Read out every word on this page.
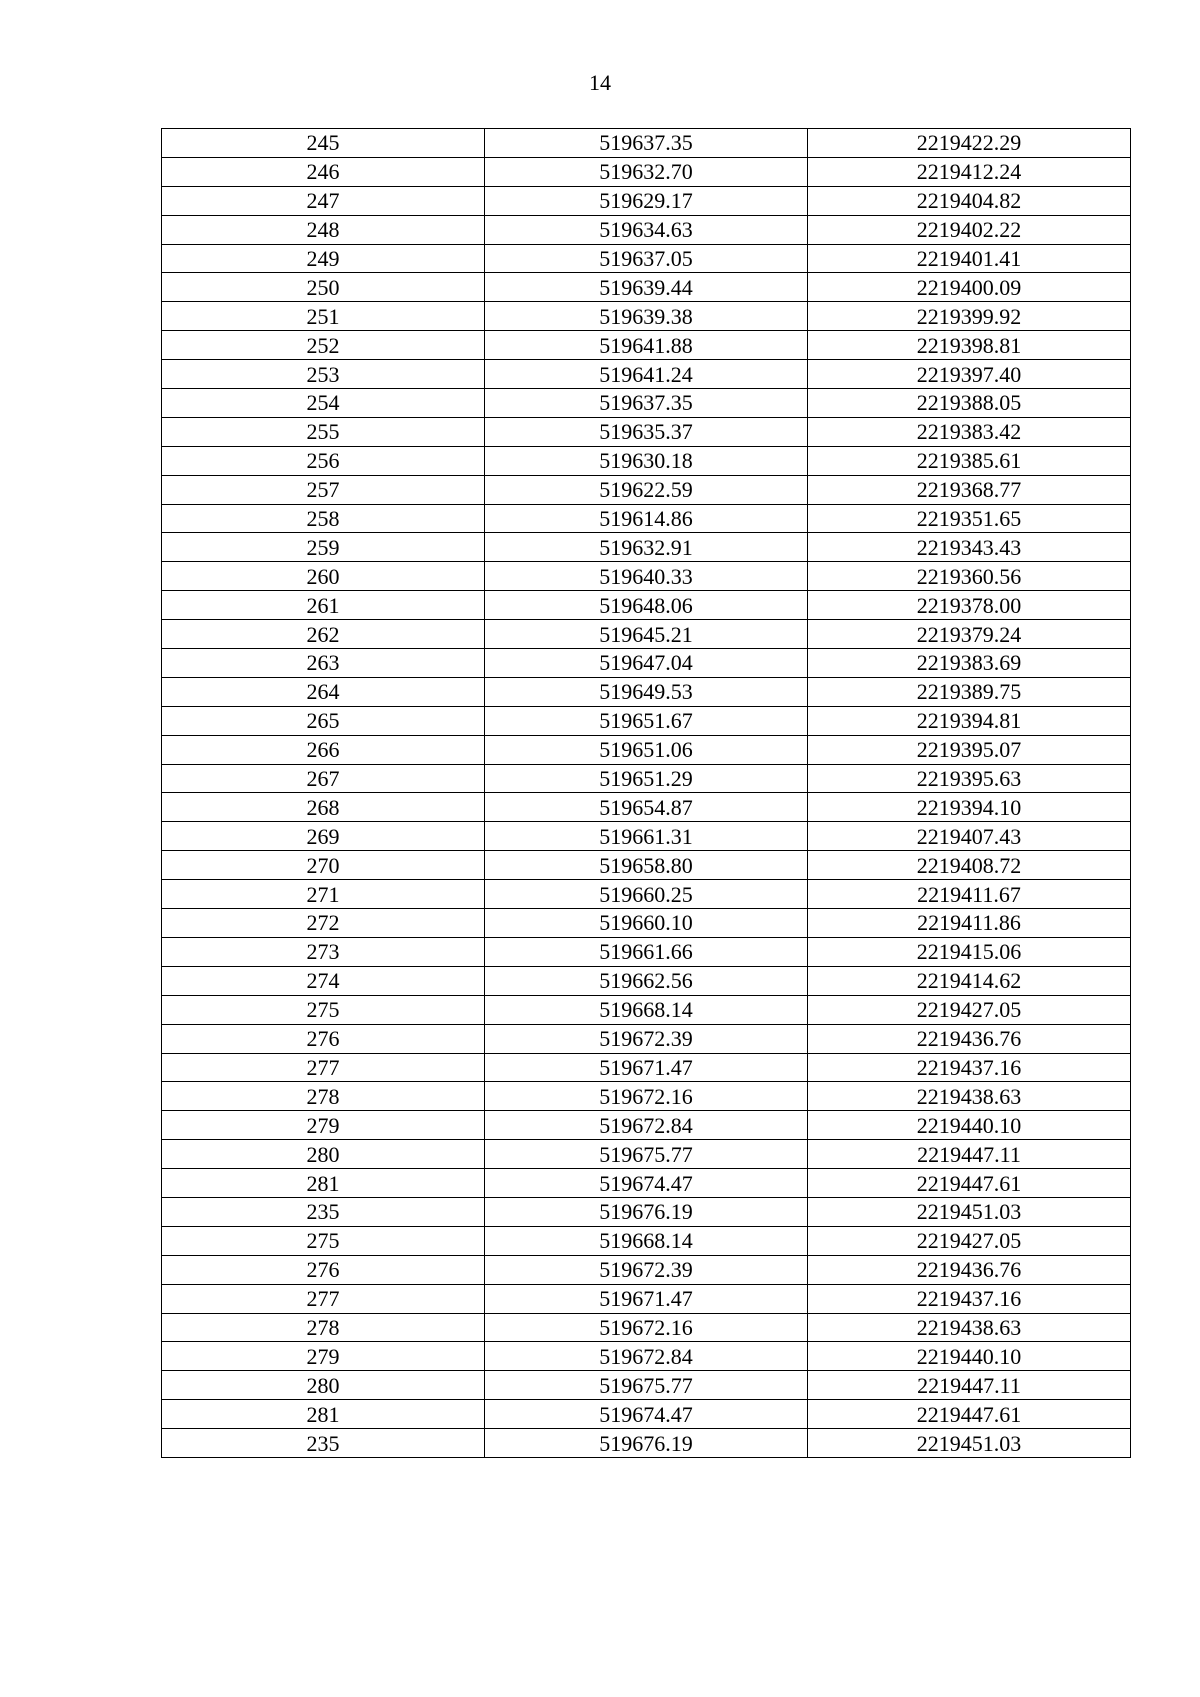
14
245	519637.35	2219422.29
246	519632.70	2219412.24
247	519629.17	2219404.82
248	519634.63	2219402.22
249	519637.05	2219401.41
250	519639.44	2219400.09
251	519639.38	2219399.92
252	519641.88	2219398.81
253	519641.24	2219397.40
254	519637.35	2219388.05
255	519635.37	2219383.42
256	519630.18	2219385.61
257	519622.59	2219368.77
258	519614.86	2219351.65
259	519632.91	2219343.43
260	519640.33	2219360.56
261	519648.06	2219378.00
262	519645.21	2219379.24
263	519647.04	2219383.69
264	519649.53	2219389.75
265	519651.67	2219394.81
266	519651.06	2219395.07
267	519651.29	2219395.63
268	519654.87	2219394.10
269	519661.31	2219407.43
270	519658.80	2219408.72
271	519660.25	2219411.67
272	519660.10	2219411.86
273	519661.66	2219415.06
274	519662.56	2219414.62
275	519668.14	2219427.05
276	519672.39	2219436.76
277	519671.47	2219437.16
278	519672.16	2219438.63
279	519672.84	2219440.10
280	519675.77	2219447.11
281	519674.47	2219447.61
235	519676.19	2219451.03
275	519668.14	2219427.05
276	519672.39	2219436.76
277	519671.47	2219437.16
278	519672.16	2219438.63
279	519672.84	2219440.10
280	519675.77	2219447.11
281	519674.47	2219447.61
235	519676.19	2219451.03
